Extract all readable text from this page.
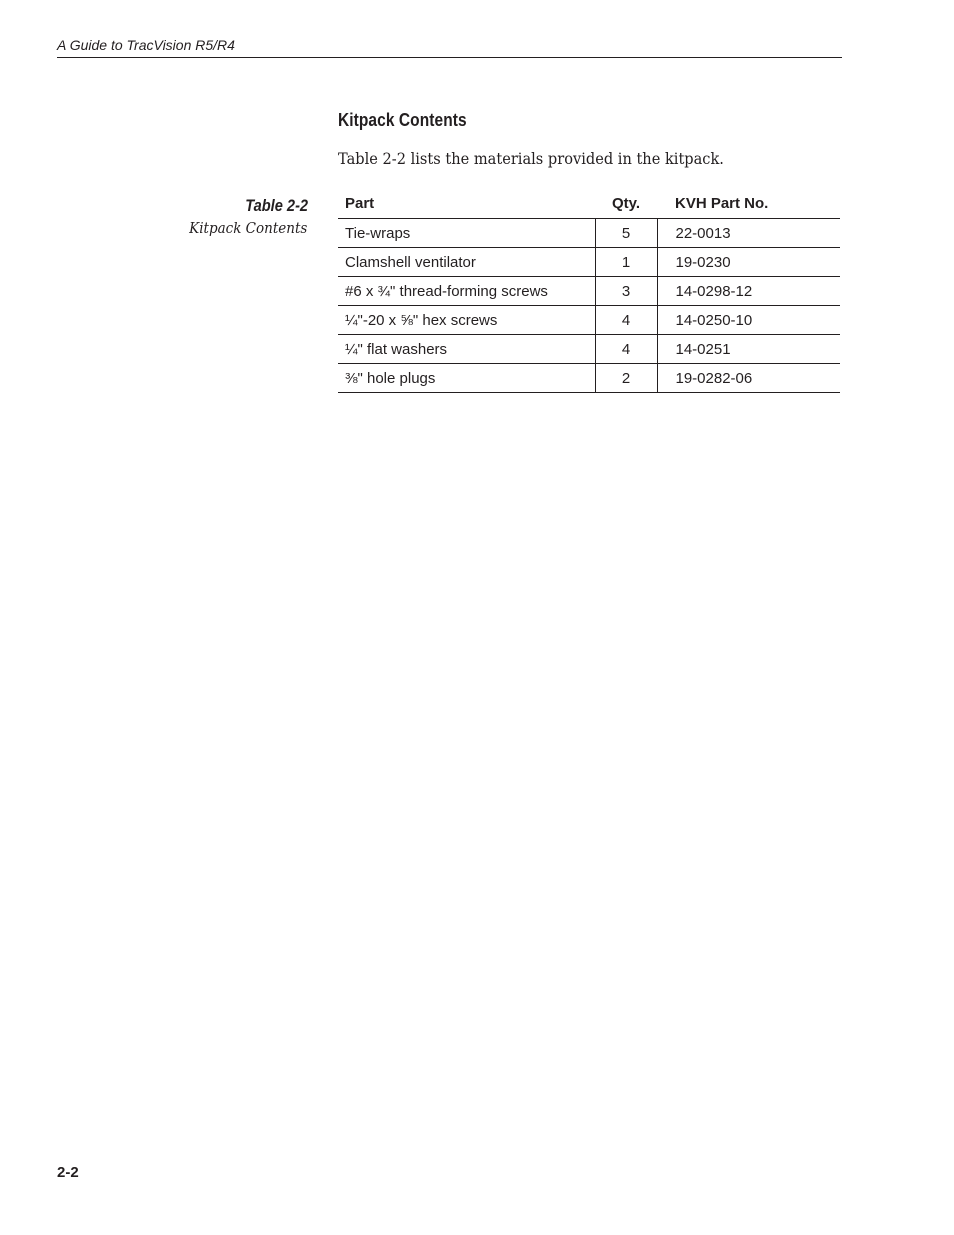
A Guide to TracVision R5/R4
Kitpack Contents
Table 2-2 lists the materials provided in the kitpack.
Table 2-2
Kitpack Contents
Part	Qty.	KVH Part No.
Tie-wraps	5	22-0013
Clamshell ventilator	1	19-0230
#6 x ¾" thread-forming screws	3	14-0298-12
¼"-20 x ⅝" hex screws	4	14-0250-10
¼" flat washers	4	14-0251
⅜" hole plugs	2	19-0282-06
2-2
